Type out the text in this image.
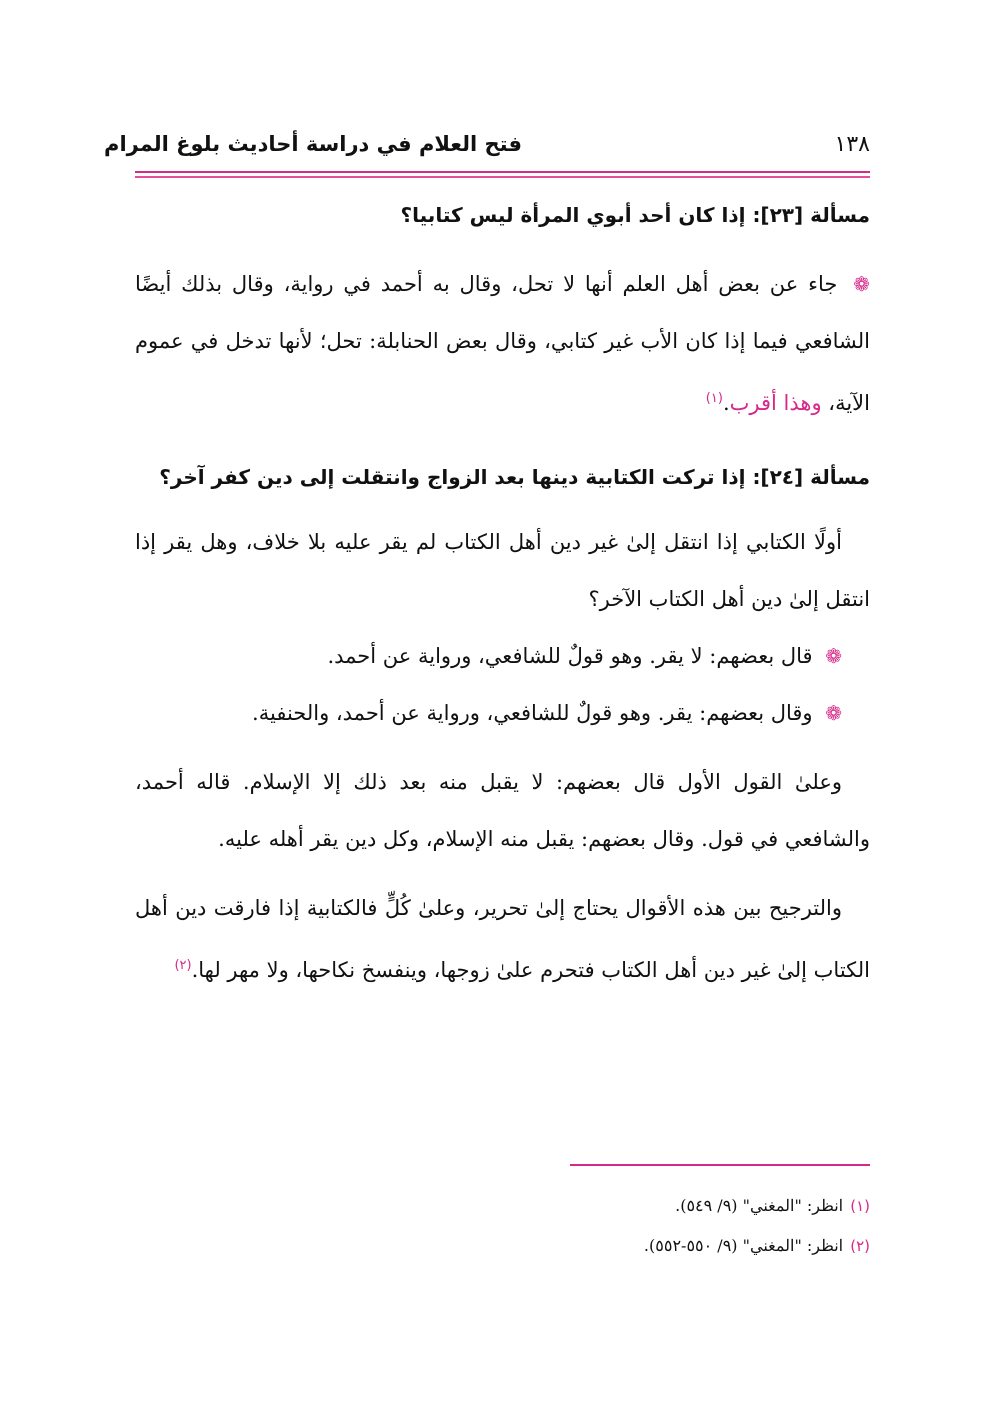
١٣٨
فتح العلام في دراسة أحاديث بلوغ المرام

مسألة [٢٣]: إذا كان أحد أبوي المرأة ليس كتابيا؟

❁ جاء عن بعض أهل العلم أنها لا تحل، وقال به أحمد في رواية، وقال بذلك أيضًا الشافعي فيما إذا كان الأب غير كتابي، وقال بعض الحنابلة: تحل؛ لأنها تدخل في عموم الآية، وهذا أقرب.$^{(١)}$

مسألة [٢٤]: إذا تركت الكتابية دينها بعد الزواج وانتقلت إلى دين كفر آخر؟

أولًا الكتابي إذا انتقل إلىٰ غير دين أهل الكتاب لم يقر عليه بلا خلاف، وهل يقر إذا انتقل إلىٰ دين أهل الكتاب الآخر؟

❁ قال بعضهم: لا يقر. وهو قولٌ للشافعي، ورواية عن أحمد.

❁ وقال بعضهم: يقر. وهو قولٌ للشافعي، ورواية عن أحمد، والحنفية.

وعلىٰ القول الأول قال بعضهم: لا يقبل منه بعد ذلك إلا الإسلام. قاله أحمد، والشافعي في قول. وقال بعضهم: يقبل منه الإسلام، وكل دين يقر أهله عليه.

والترجيح بين هذه الأقوال يحتاج إلىٰ تحرير، وعلىٰ كُلٍّ فالكتابية إذا فارقت دين أهل الكتاب إلىٰ غير دين أهل الكتاب فتحرم علىٰ زوجها، وينفسخ نكاحها، ولا مهر لها.$^{(٢)}$

(١) انظر: "المغني" (٩/ ٥٤٩).

(٢) انظر: "المغني" (٩/ ٥٥٠-٥٥٢).
